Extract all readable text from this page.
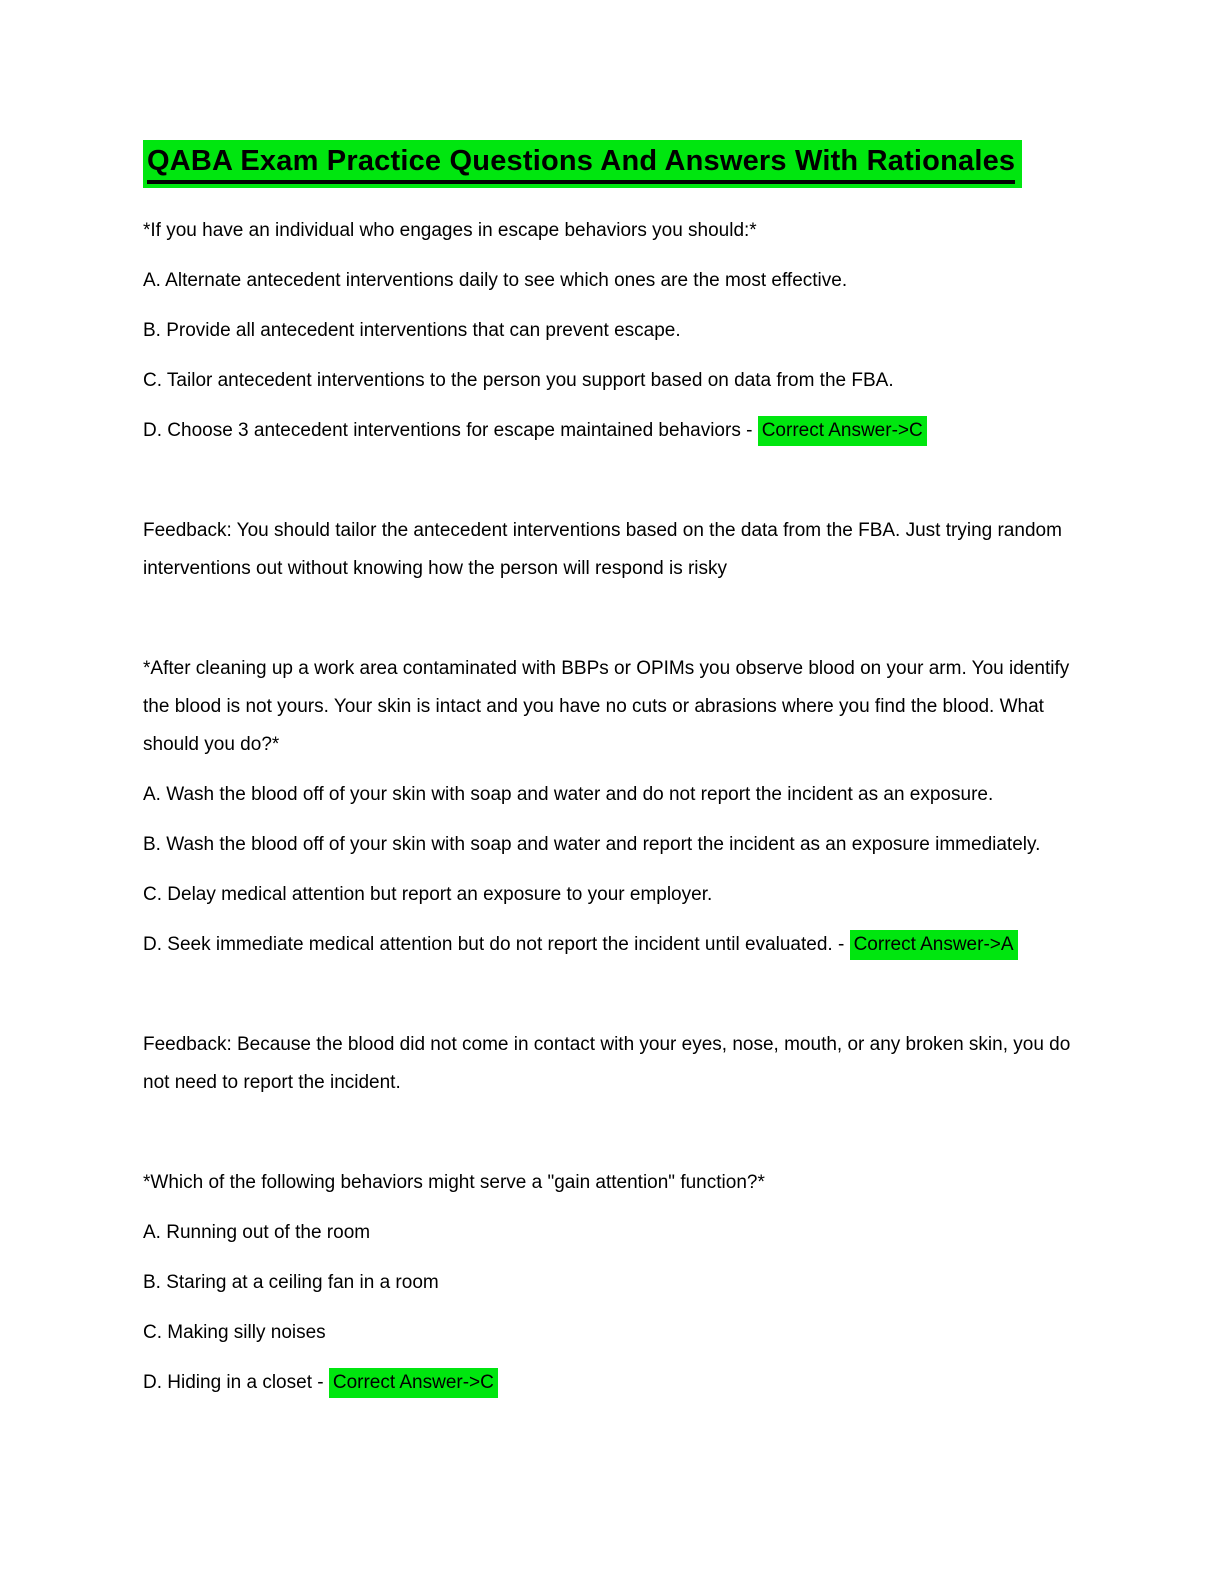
QABA Exam Practice Questions And Answers With Rationales

*If you have an individual who engages in escape behaviors you should:*

A. Alternate antecedent interventions daily to see which ones are the most effective.

B. Provide all antecedent interventions that can prevent escape.

C. Tailor antecedent interventions to the person you support based on data from the FBA.

D. Choose 3 antecedent interventions for escape maintained behaviors - Correct Answer->C

Feedback: You should tailor the antecedent interventions based on the data from the FBA. Just trying random interventions out without knowing how the person will respond is risky

*After cleaning up a work area contaminated with BBPs or OPIMs you observe blood on your arm. You identify the blood is not yours. Your skin is intact and you have no cuts or abrasions where you find the blood. What should you do?*

A. Wash the blood off of your skin with soap and water and do not report the incident as an exposure.

B. Wash the blood off of your skin with soap and water and report the incident as an exposure immediately.

C. Delay medical attention but report an exposure to your employer.

D. Seek immediate medical attention but do not report the incident until evaluated. - Correct Answer->A

Feedback: Because the blood did not come in contact with your eyes, nose, mouth, or any broken skin, you do not need to report the incident.

*Which of the following behaviors might serve a "gain attention" function?*

A. Running out of the room

B. Staring at a ceiling fan in a room

C. Making silly noises

D. Hiding in a closet - Correct Answer->C
